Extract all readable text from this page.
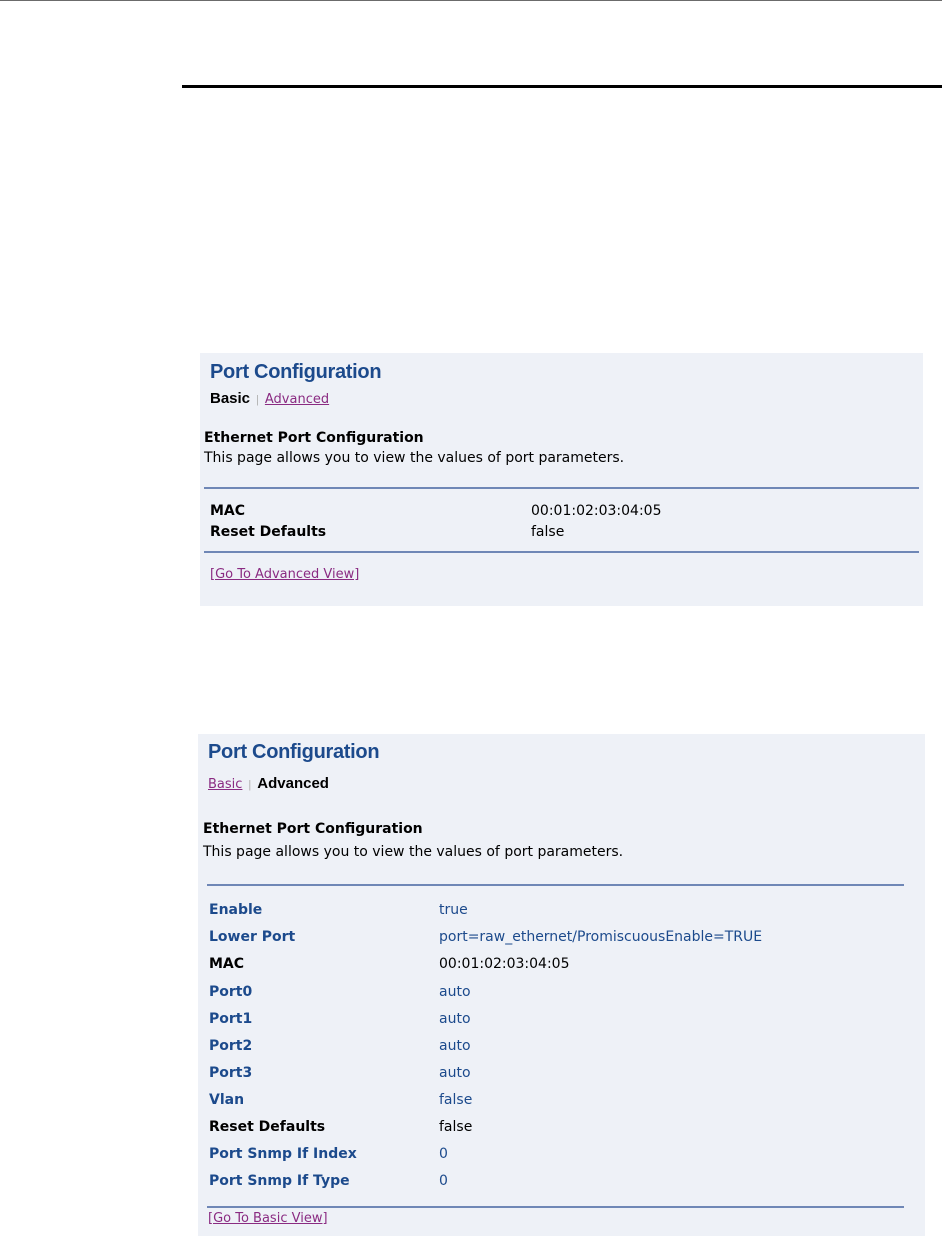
Port Configuration
Basic | Advanced
Ethernet Port Configuration
This page allows you to view the values of port parameters.
MAC	00:01:02:03:04:05
Reset Defaults	false
[Go To Advanced View]
Port Configuration
Basic | Advanced
Ethernet Port Configuration
This page allows you to view the values of port parameters.
Enable	true
Lower Port	port=raw_ethernet/PromiscuousEnable=TRUE
MAC	00:01:02:03:04:05
Port0	auto
Port1	auto
Port2	auto
Port3	auto
Vlan	false
Reset Defaults	false
Port Snmp If Index	0
Port Snmp If Type	0
[Go To Basic View]
